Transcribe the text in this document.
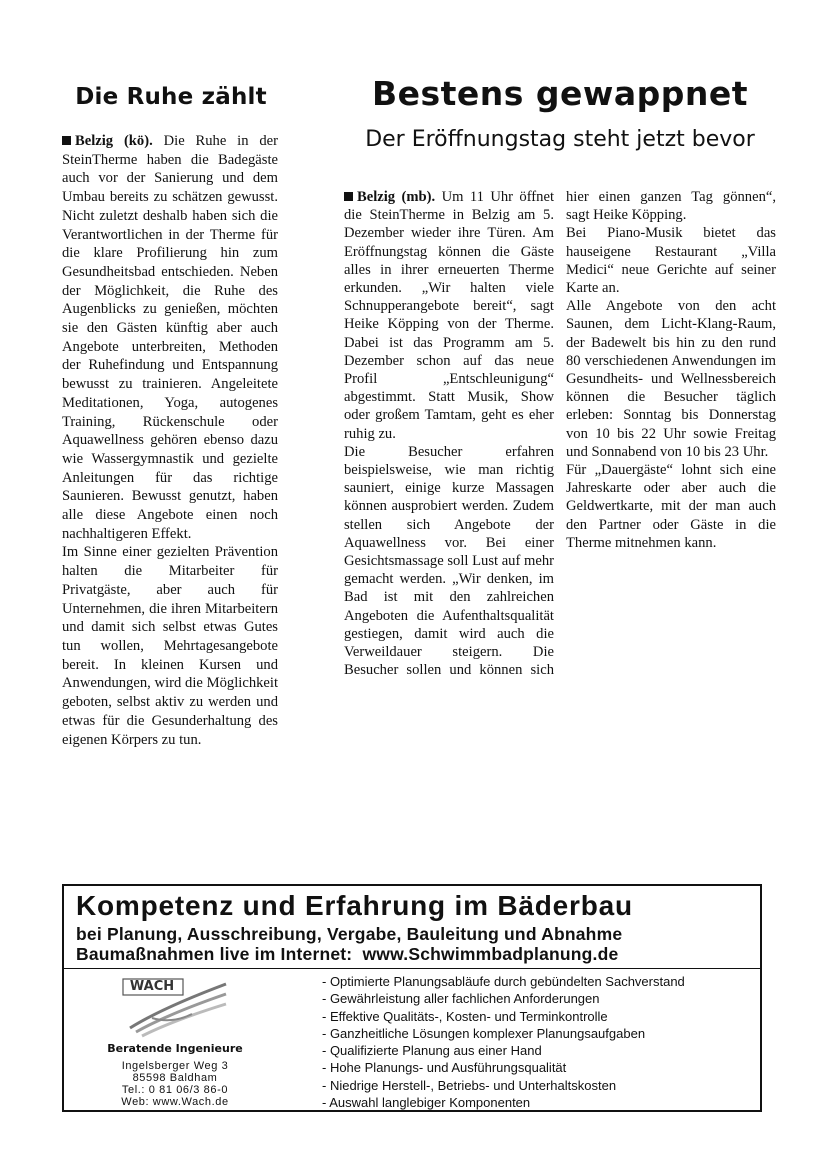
Die Ruhe zählt

Belzig (kö). Die Ruhe in der SteinTherme haben die Badegäste auch vor der Sanierung und dem Umbau bereits zu schätzen gewusst. Nicht zuletzt deshalb haben sich die Verantwortlichen in der Therme für die klare Profilierung hin zum Gesundheitsbad entschieden. Neben der Möglichkeit, die Ruhe des Augenblicks zu genießen, möchten sie den Gästen künftig aber auch Angebote unterbreiten, Methoden der Ruhefindung und Entspannung bewusst zu trainieren. Angeleitete Meditationen, Yoga, autogenes Training, Rückenschule oder Aquawellness gehören ebenso dazu wie Wassergymnastik und gezielte Anleitungen für das richtige Saunieren. Bewusst genutzt, haben alle diese Angebote einen noch nachhaltigeren Effekt.

Im Sinne einer gezielten Prävention halten die Mitarbeiter für Privatgäste, aber auch für Unternehmen, die ihren Mitarbeitern und damit sich selbst etwas Gutes tun wollen, Mehrtagesangebote bereit. In kleinen Kursen und Anwendungen, wird die Möglichkeit geboten, selbst aktiv zu werden und etwas für die Gesunderhaltung des eigenen Körpers zu tun.

Bestens gewappnet
Der Eröffnungstag steht jetzt bevor

Belzig (mb). Um 11 Uhr öffnet die SteinTherme in Belzig am 5. Dezember wieder ihre Türen. Am Eröffnungstag können die Gäste alles in ihrer erneuerten Therme erkunden. „Wir halten viele Schnupperangebote bereit“, sagt Heike Köpping von der Therme. Dabei ist das Programm am 5. Dezember schon auf das neue Profil „Entschleunigung“ abgestimmt. Statt Musik, Show oder großem Tamtam, geht es eher ruhig zu.

Die Besucher erfahren beispielsweise, wie man richtig sauniert, einige kurze Massagen können ausprobiert werden. Zudem stellen sich Angebote der Aquawellness vor. Bei einer Gesichtsmassage soll Lust auf mehr gemacht werden. „Wir denken, im Bad ist mit den zahlreichen Angeboten die Aufenthaltsqualität gestiegen, damit wird auch die Verweildauer steigern. Die Besucher sollen und können sich hier einen ganzen Tag gönnen“, sagt Heike Köpping.

Bei Piano-Musik bietet das hauseigene Restaurant „Villa Medici“ neue Gerichte auf seiner Karte an.

Alle Angebote von den acht Saunen, dem Licht-Klang-Raum, der Badewelt bis hin zu den rund 80 verschiedenen Anwendungen im Gesundheits- und Wellnessbereich können die Besucher täglich erleben: Sonntag bis Donnerstag von 10 bis 22 Uhr sowie Freitag und Sonnabend von 10 bis 23 Uhr.

Für „Dauergäste“ lohnt sich eine Jahreskarte oder aber auch die Geldwertkarte, mit der man auch den Partner oder Gäste in die Therme mitnehmen kann.

Kompetenz und Erfahrung im Bäderbau
bei Planung, Ausschreibung, Vergabe, Bauleitung und Abnahme
Baumaßnahmen live im Internet: www.Schwimmbadplanung.de
WACH
Beratende Ingenieure
Ingelsberger Weg 3
85598 Baldham
Tel.: 0 81 06/3 86-0
Web: www.Wach.de
- Optimierte Planungsabläufe durch gebündelten Sachverstand
- Gewährleistung aller fachlichen Anforderungen
- Effektive Qualitäts-, Kosten- und Terminkontrolle
- Ganzheitliche Lösungen komplexer Planungsaufgaben
- Qualifizierte Planung aus einer Hand
- Hohe Planungs- und Ausführungsqualität
- Niedrige Herstell-, Betriebs- und Unterhaltskosten
- Auswahl langlebiger Komponenten
